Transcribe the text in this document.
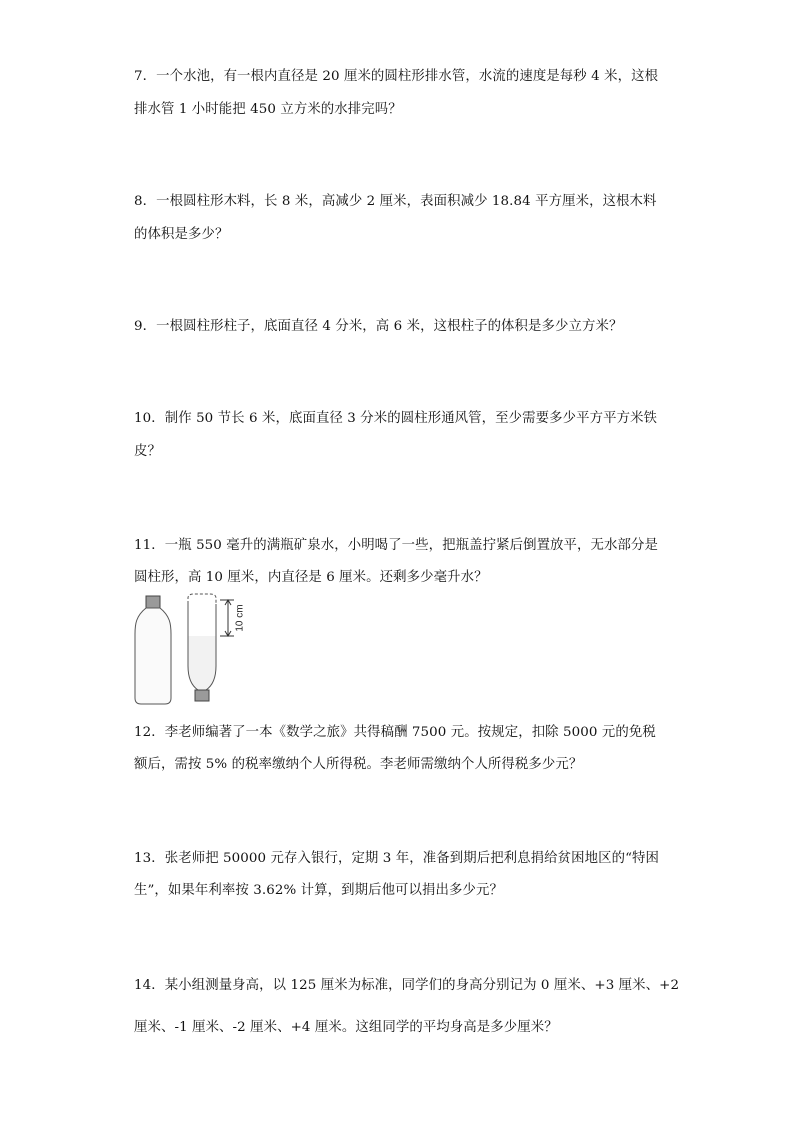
7．一个水池，有一根内直径是 20 厘米的圆柱形排水管，水流的速度是每秒 4 米，这根

排水管 1 小时能把 450 立方米的水排完吗？

8．一根圆柱形木料，长 8 米，高减少 2 厘米，表面积减少 18.84 平方厘米，这根木料

的体积是多少？

9．一根圆柱形柱子，底面直径 4 分米，高 6 米，这根柱子的体积是多少立方米？

10．制作 50 节长 6 米，底面直径 3 分米的圆柱形通风管，至少需要多少平方平方米铁

皮？

11．一瓶 550 毫升的满瓶矿泉水，小明喝了一些，把瓶盖拧紧后倒置放平，无水部分是

圆柱形，高 10 厘米，内直径是 6 厘米。还剩多少毫升水？

10 cm

12．李老师编著了一本《数学之旅》共得稿酬 7500 元。按规定，扣除 5000 元的免税

额后，需按 5% 的税率缴纳个人所得税。李老师需缴纳个人所得税多少元？

13．张老师把 50000 元存入银行，定期 3 年，准备到期后把利息捐给贫困地区的“特困

生”，如果年利率按 3.62% 计算，到期后他可以捐出多少元？

14．某小组测量身高，以 125 厘米为标准，同学们的身高分别记为 0 厘米、+3 厘米、+2

厘米、-1 厘米、-2 厘米、+4 厘米。这组同学的平均身高是多少厘米？
